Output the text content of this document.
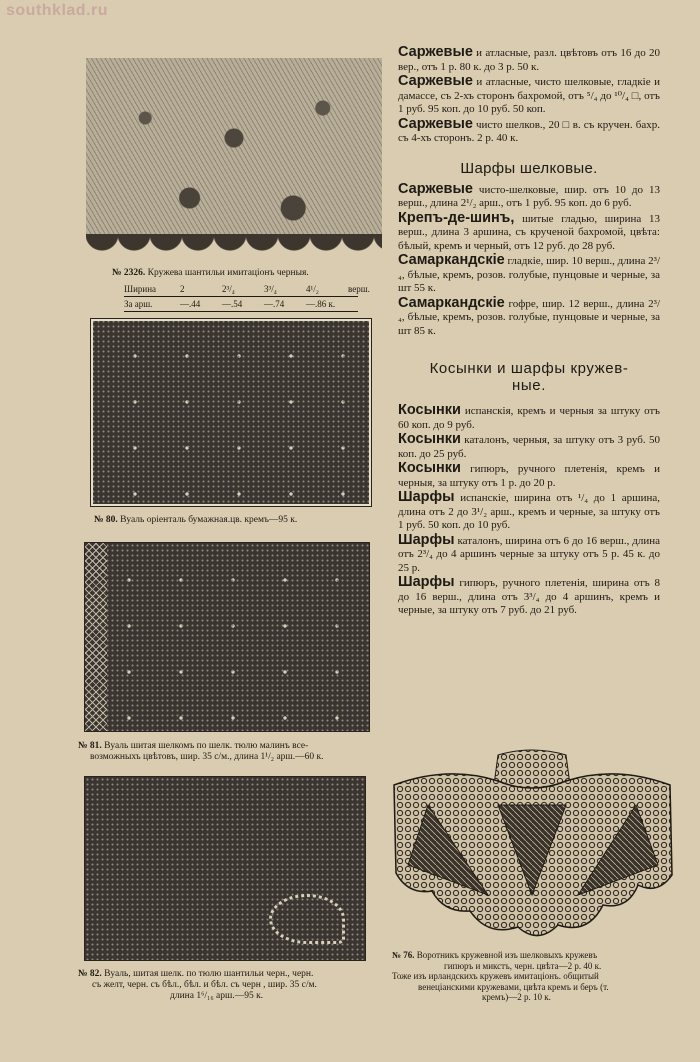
southklad.ru
№ 2326. Кружева шантильи имитаціонъ черныя.
Ширина	2	2³/₄	3³/₄	4¹/₂	верш.
За арш.	—.44	—.54	—.74	—.86 к.
№ 80. Вуаль орiенталь бумажная.цв. кремъ—95 к.
№ 81. Вуаль шитая шелкомъ по шелк. тюлю малинъ все-
возможныхъ цвѣтовъ, шир. 35 с/м., длина 1¹/₂ арш.—60 к.
№ 82. Вуаль, шитая шелк. по тюлю шантильи черн., черн.
съ желт, черн. съ бѣл., бѣл. и бѣл. съ черн , шир. 35 с/м.
длина 1⁶/₁₆ арш.—95 к.
№ 76. Воротникъ кружевной изъ шелковыхъ кружевъ
гипюръ и микстъ, черн. цвѣта—2 р. 40 к.
Тоже изъ ирландскихъ кружевъ имитаціонъ. общитый
венеціанскими кружевами, цвѣта кремъ и беръ (т.
кремъ)—2 р. 10 к.
Саржевые и атласные, разл. цвѣтовъ отъ 16 до 20 вер., отъ 1 р. 80 к. до 3 р. 50 к.
Саржевые и атласные, чисто шелковые, гладкіе и дамассе, съ 2-хъ сторонъ бахромой, отъ ⁵/₄ до ¹⁰/₄ □, отъ 1 руб. 95 коп. до 10 руб. 50 коп.
Саржевые чисто шелков., 20 □ в. съ кручен. бахр. съ 4-хъ сторонъ. 2 р. 40 к.
Шарфы шелковые.
Саржевые чисто-шелковые, шир. отъ 10 до 13 верш., длина 2¹/₂ арш., отъ 1 руб. 95 коп. до 6 руб.
Крепъ-де-шинъ, шитые гладью, ширина 13 верш., длина 3 аршина, съ крученой бахромой, цвѣта: бѣлый, кремъ и черный, отъ 12 руб. до 28 руб.
Самаркандскіе гладкіе, шир. 10 верш., длина 2³/₄, бѣлые, кремъ, розов. голубые, пунцовые и черные, за шт 55 к.
Самаркандскіе гофре, шир. 12 верш., длина 2³/₄, бѣлые, кремъ, розов. голубые, пунцовые и черные, за шт 85 к.
Косынки и шарфы кружев-
ные.
Косынки испанскія, кремъ и черныя за штуку отъ 60 коп. до 9 руб.
Косынки каталонъ, черныя, за штуку отъ 3 руб. 50 коп. до 25 руб.
Косынки гипюръ, ручного плетенія, кремъ и черныя, за штуку отъ 1 р. до 20 р.
Шарфы испанскіе, ширина отъ ¹/₄ до 1 аршина, длина отъ 2 до 3¹/₂ арш., кремъ и черные, за штуку отъ 1 руб. 50 коп. до 10 руб.
Шарфы каталонъ, ширина отъ 6 до 16 верш., длина отъ 2³/₄ до 4 аршинъ черные за штуку отъ 5 р. 45 к. до 25 р.
Шарфы гипюръ, ручного плетенія, ширина отъ 8 до 16 верш., длина отъ 3³/₄ до 4 аршинъ, кремъ и черные, за штуку отъ 7 руб. до 21 руб.
